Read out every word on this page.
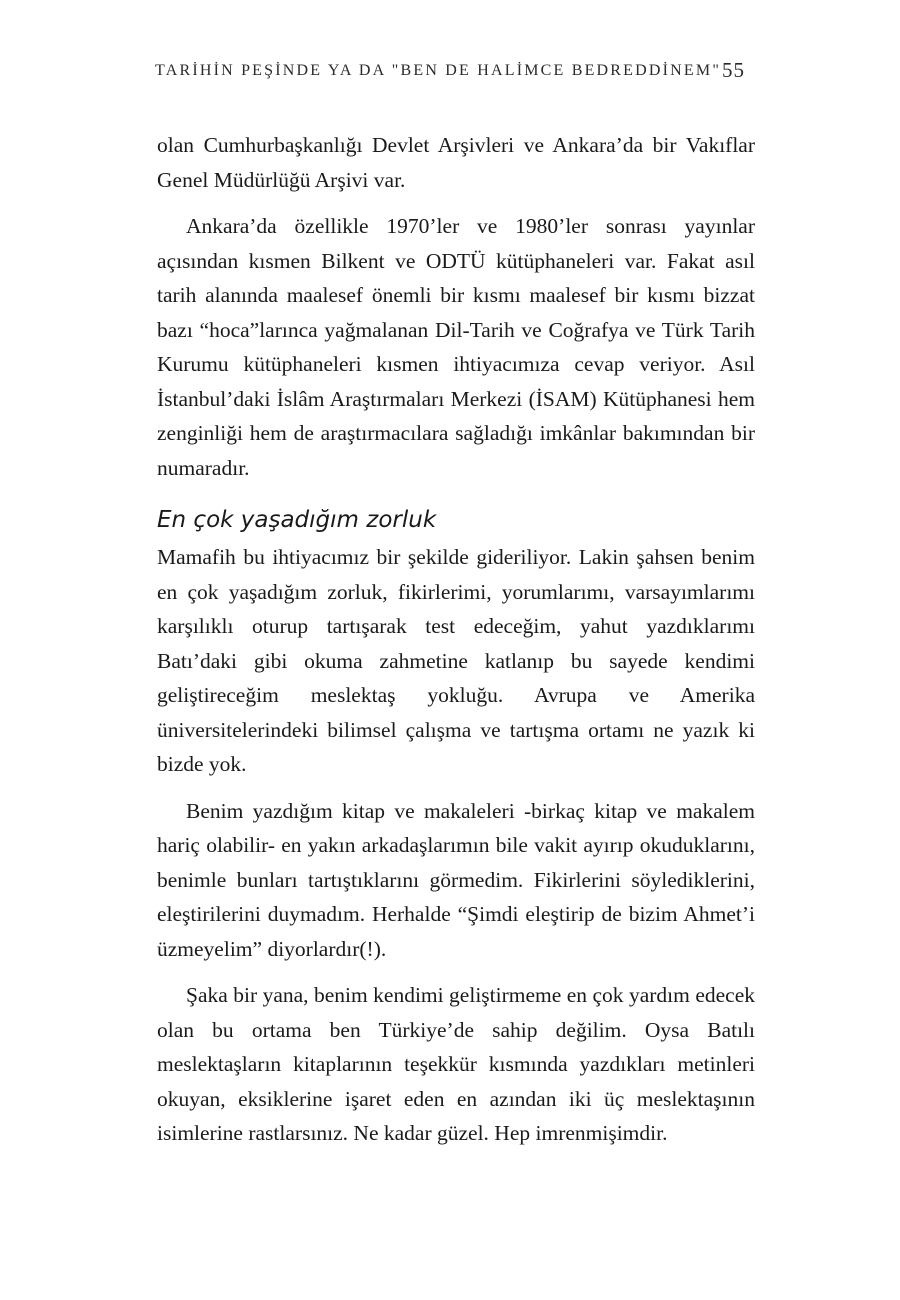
TARİHİN PEŞİNDE YA DA "BEN DE HALİMCE BEDREDDİNEM" 55

olan Cumhurbaşkanlığı Devlet Arşivleri ve Ankara’da bir Vakıflar Genel Müdürlüğü Arşivi var.

Ankara’da özellikle 1970’ler ve 1980’ler sonrası yayınlar açısından kısmen Bilkent ve ODTÜ kütüphaneleri var. Fakat asıl tarih alanında maalesef önemli bir kısmı maalesef bir kısmı bizzat bazı “hoca”larınca yağmalanan Dil-Tarih ve Coğrafya ve Türk Tarih Kurumu kütüphaneleri kısmen ihtiyacımıza cevap veriyor. Asıl İstanbul’daki İslâm Araştırmaları Merkezi (İSAM) Kütüphanesi hem zenginliği hem de araştırmacılara sağladığı imkânlar bakımından bir numaradır.

En çok yaşadığım zorluk

Mamafih bu ihtiyacımız bir şekilde gideriliyor. Lakin şahsen benim en çok yaşadığım zorluk, fikirlerimi, yorumlarımı, varsayımlarımı karşılıklı oturup tartışarak test edeceğim, yahut yazdıklarımı Batı’daki gibi okuma zahmetine katlanıp bu sayede kendimi geliştireceğim meslektaş yokluğu. Avrupa ve Amerika üniversitelerindeki bilimsel çalışma ve tartışma ortamı ne yazık ki bizde yok.

Benim yazdığım kitap ve makaleleri -birkaç kitap ve makalem hariç olabilir- en yakın arkadaşlarımın bile vakit ayırıp okuduklarını, benimle bunları tartıştıklarını görmedim. Fikirlerini söylediklerini, eleştirilerini duymadım. Herhalde “Şimdi eleştirip de bizim Ahmet’i üzmeyelim” diyorlardır(!).

Şaka bir yana, benim kendimi geliştirmeme en çok yardım edecek olan bu ortama ben Türkiye’de sahip değilim. Oysa Batılı meslektaşların kitaplarının teşekkür kısmında yazdıkları metinleri okuyan, eksiklerine işaret eden en azından iki üç meslektaşının isimlerine rastlarsınız. Ne kadar güzel. Hep imrenmişimdir.
